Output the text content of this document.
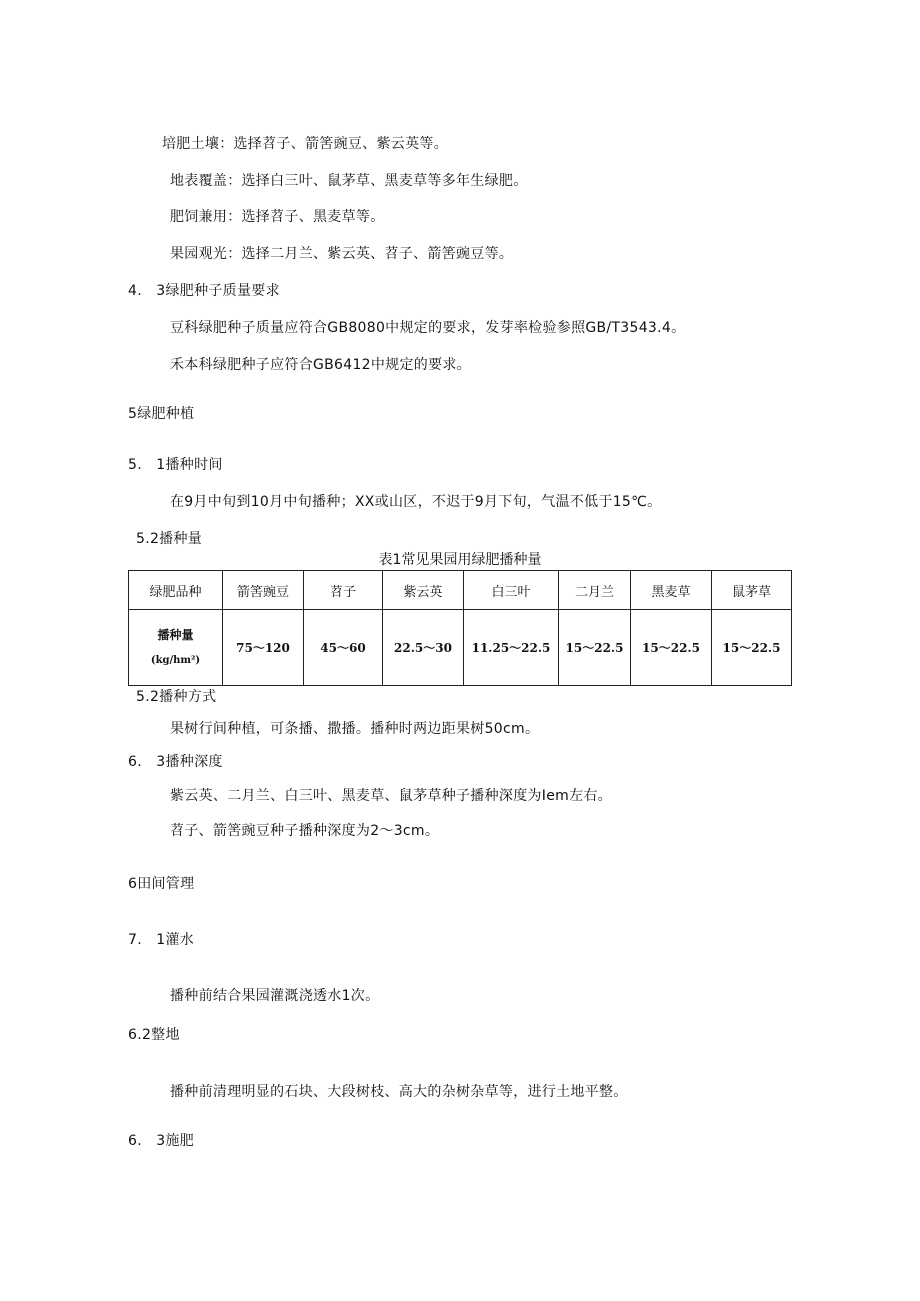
培肥土壤：选择苕子、箭筈豌豆、紫云英等。
地表覆盖：选择白三叶、鼠茅草、黑麦草等多年生绿肥。
肥饲兼用：选择苕子、黑麦草等。
果园观光：选择二月兰、紫云英、苕子、箭筈豌豆等。
4.　3绿肥种子质量要求
豆科绿肥种子质量应符合GB8080中规定的要求，发芽率检验参照GB/T3543.4。
禾本科绿肥种子应符合GB6412中规定的要求。
5绿肥种植
5.　1播种时间
在9月中旬到10月中旬播种；XX或山区，不迟于9月下旬，气温不低于15℃。
5.2播种量
表1常见果园用绿肥播种量
绿肥品种	箭筈豌豆	苕子	紫云英	白三叶	二月兰	黑麦草	鼠茅草
播种量
(kg/hm²)	75～120	45～60	22.5～30	11.25～22.5	15～22.5	15～22.5	15～22.5
5.2播种方式
果树行间种植，可条播、撒播。播种时两边距果树50cm。
6.　3播种深度
紫云英、二月兰、白三叶、黑麦草、鼠茅草种子播种深度为Iem左右。
苕子、箭筈豌豆种子播种深度为2～3cm。
6田间管理
7.　1灌水
播种前结合果园灌溉浇透水1次。
6.2整地
播种前清理明显的石块、大段树枝、高大的杂树杂草等，进行土地平整。
6.　3施肥
